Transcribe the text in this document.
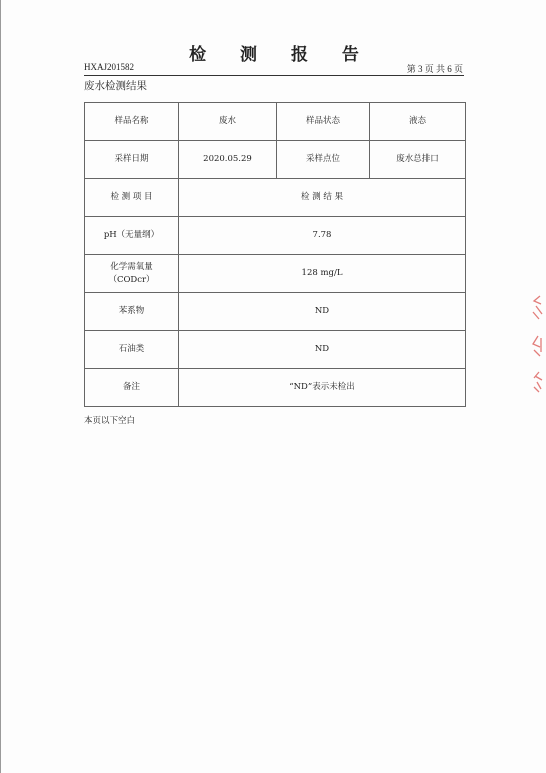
检 测 报 告
HXAJ201582	第 3 页 共 6 页
废水检测结果
样品名称	废水	样品状态	液态
采样日期	2020.05.29	采样点位	废水总排口
检 测 项 目	检 测 结 果		
pH（无量纲）	7.78		

化学需氧量
（CODcr）	128 mg/L		
苯系物	ND		
石油类	ND		
备注	“ND”表示未检出		
本页以下空白
